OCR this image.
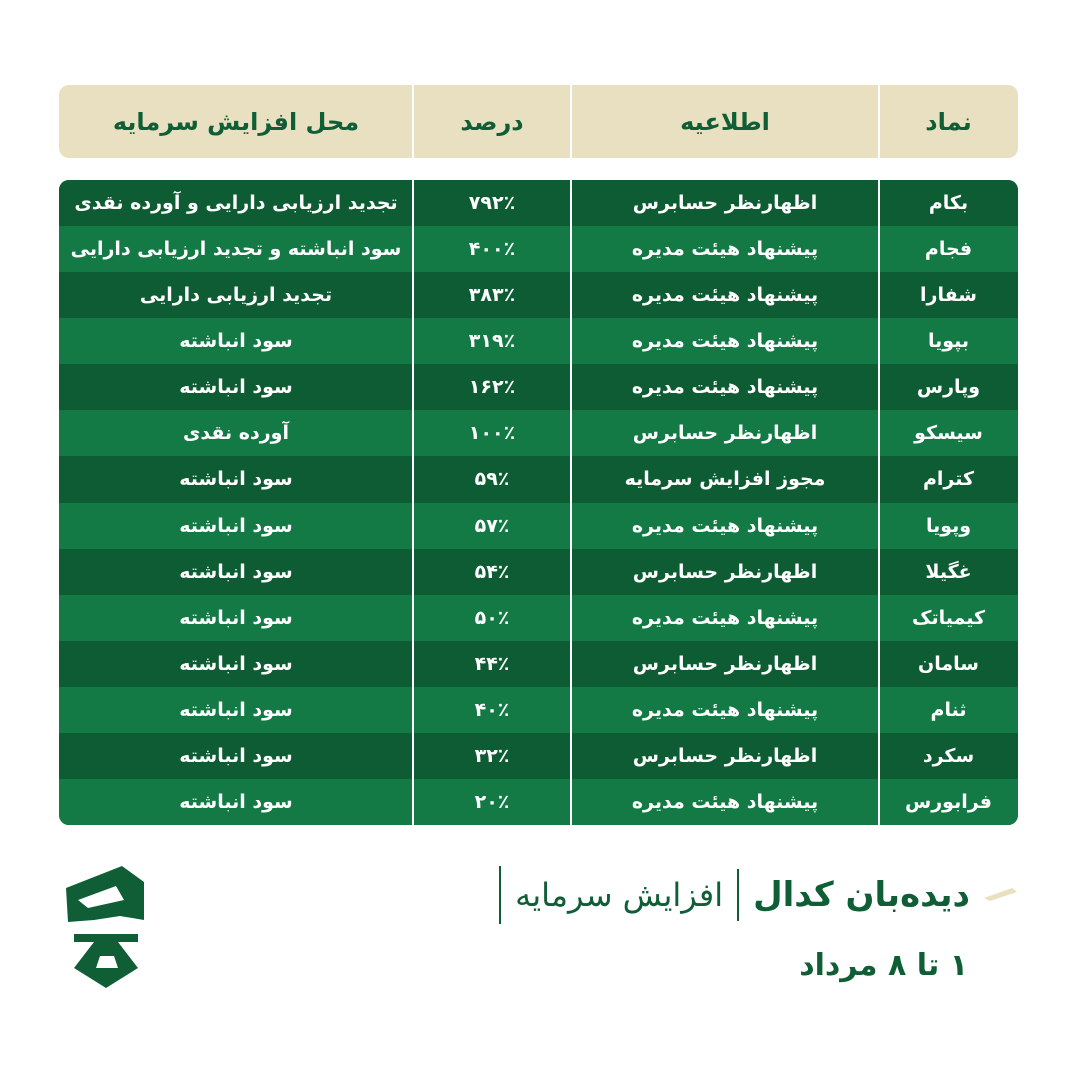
نماد
اطلاعیه
درصد
محل افزایش سرمایه
فرابورس
پیشنهاد هیئت مدیره
۲۰٪
سود انباشته
سکرد
اظهارنظر حسابرس
۳۲٪
سود انباشته
ثنام
پیشنهاد هیئت مدیره
۴۰٪
سود انباشته
سامان
اظهارنظر حسابرس
۴۴٪
سود انباشته
کیمیاتک
پیشنهاد هیئت مدیره
۵۰٪
سود انباشته
غگیلا
اظهارنظر حسابرس
۵۴٪
سود انباشته
وپویا
پیشنهاد هیئت مدیره
۵۷٪
سود انباشته
کترام
مجوز افزایش سرمایه
۵۹٪
سود انباشته
سیسکو
اظهارنظر حسابرس
۱۰۰٪
آورده نقدی
وپارس
پیشنهاد هیئت مدیره
۱۶۲٪
سود انباشته
بپویا
پیشنهاد هیئت مدیره
۳۱۹٪
سود انباشته
شفارا
پیشنهاد هیئت مدیره
۳۸۳٪
تجدید ارزیابی دارایی
فجام
پیشنهاد هیئت مدیره
۴۰۰٪
سود انباشته و تجدید ارزیابی دارایی
بکام
اظهارنظر حسابرس
۷۹۲٪
تجدید ارزیابی دارایی و آورده نقدی
دیده‌بان کدال
افزایش سرمایه
۱ تا ۸ مرداد
